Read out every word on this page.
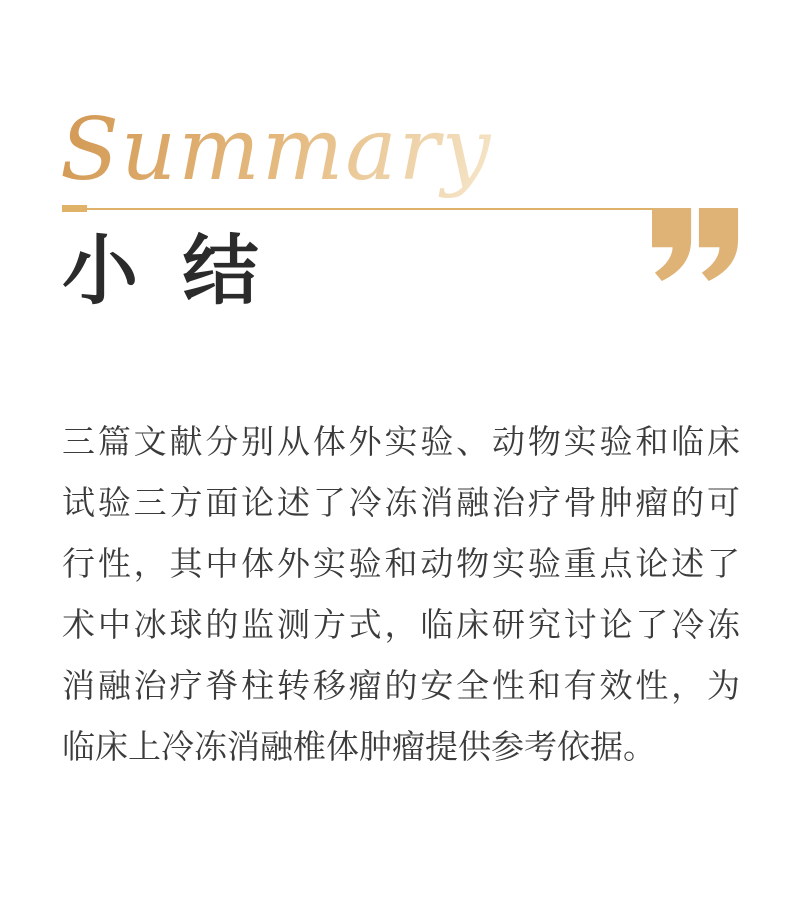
Summary
小 结
三篇文献分别从体外实验、动物实验和临床
试验三方面论述了冷冻消融治疗骨肿瘤的可
行性，其中体外实验和动物实验重点论述了
术中冰球的监测方式，临床研究讨论了冷冻
消融治疗脊柱转移瘤的安全性和有效性，为
临床上冷冻消融椎体肿瘤提供参考依据。
